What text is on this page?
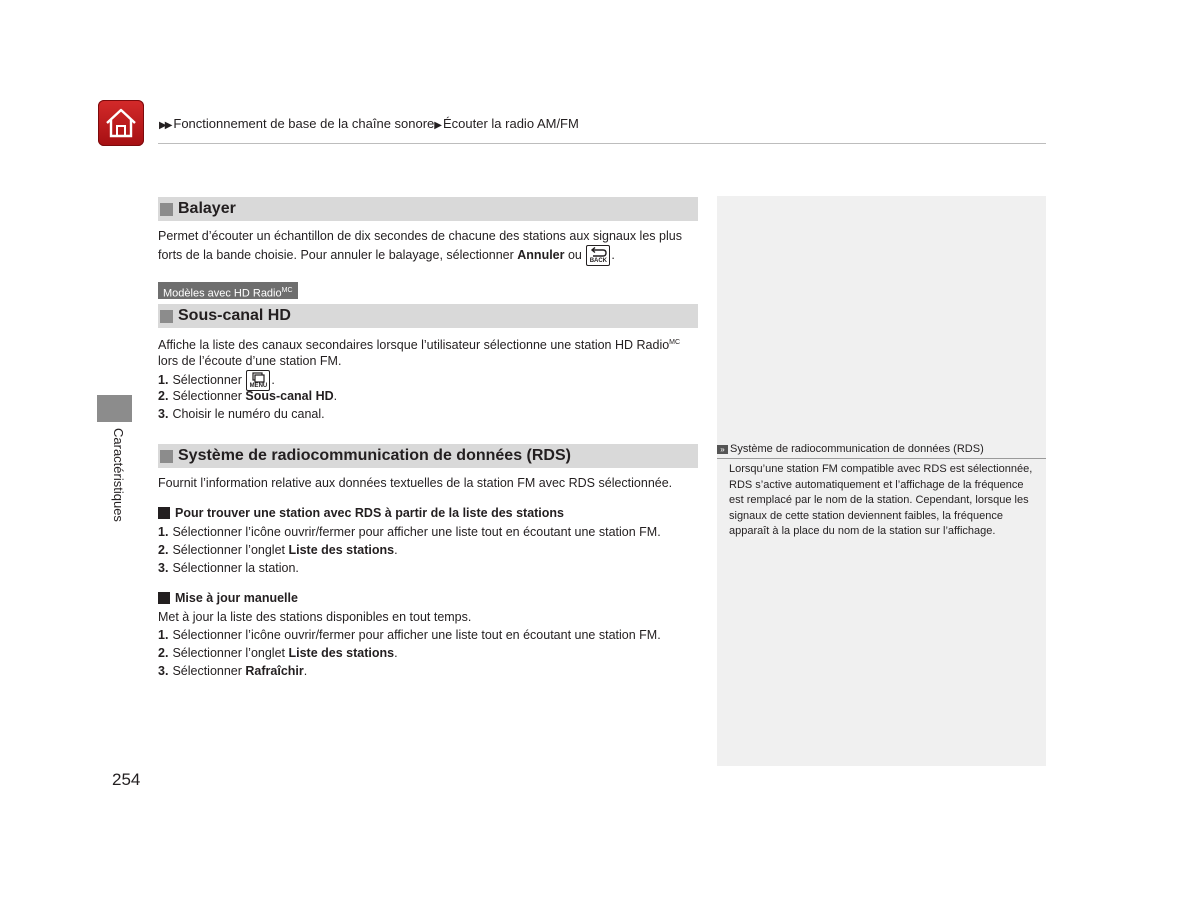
▶▶ Fonctionnement de base de la chaîne sonore▶ Écouter la radio AM/FM
Caractéristiques
Balayer
Permet d’écouter un échantillon de dix secondes de chacune des stations aux signaux les plus forts de la bande choisie. Pour annuler le balayage, sélectionner Annuler ou BACK .
Modèles avec HD Radio$^{MC}$
Sous-canal HD
Affiche la liste des canaux secondaires lorsque l’utilisateur sélectionne une station HD Radio$^{MC}$
lors de l’écoute d’une station FM.
1. Sélectionner MENU .
2. Sélectionner Sous-canal HD.
3. Choisir le numéro du canal.
Système de radiocommunication de données (RDS)
Fournit l’information relative aux données textuelles de la station FM avec RDS sélectionnée.
Pour trouver une station avec RDS à partir de la liste des stations
1. Sélectionner l’icône ouvrir/fermer pour afficher une liste tout en écoutant une station FM.
2. Sélectionner l’onglet Liste des stations.
3. Sélectionner la station.
Mise à jour manuelle
Met à jour la liste des stations disponibles en tout temps.
1. Sélectionner l’icône ouvrir/fermer pour afficher une liste tout en écoutant une station FM.
2. Sélectionner l’onglet Liste des stations.
3. Sélectionner Rafraîchir.
» Système de radiocommunication de données (RDS)
Lorsqu’une station FM compatible avec RDS est sélectionnée, RDS s’active automatiquement et l’affichage de la fréquence est remplacé par le nom de la station. Cependant, lorsque les signaux de cette station deviennent faibles, la fréquence apparaît à la place du nom de la station sur l’affichage.
254
